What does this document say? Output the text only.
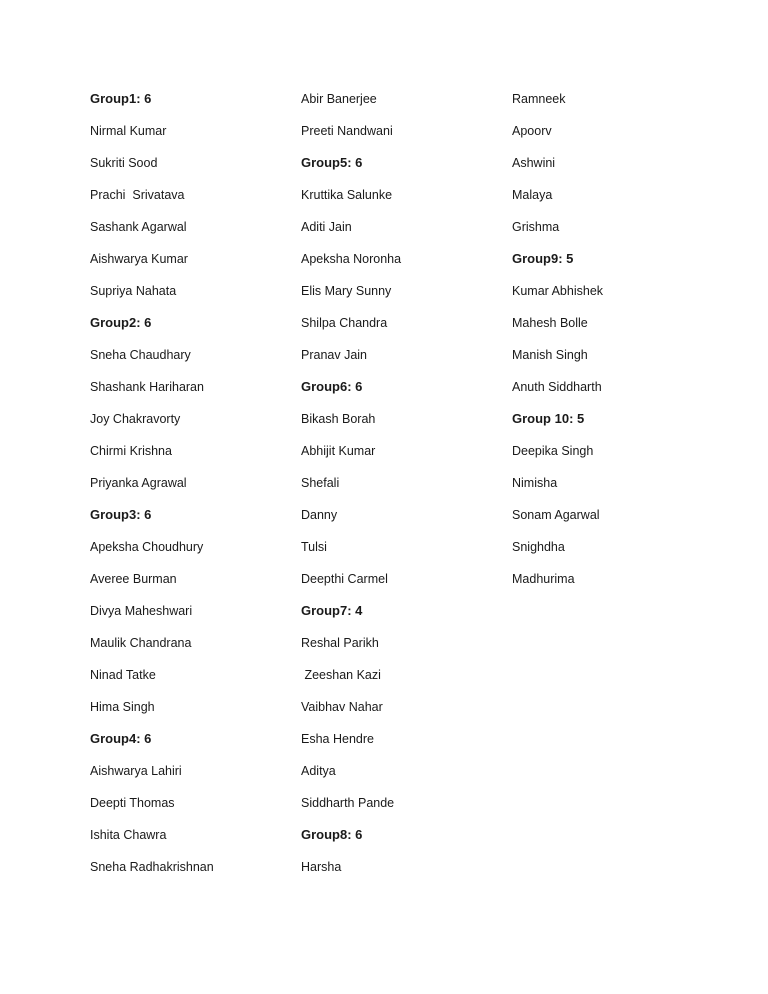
Group1: 6
Nirmal Kumar
Sukriti Sood
Prachi  Srivatava
Sashank Agarwal
Aishwarya Kumar
Supriya Nahata
Group2: 6
Sneha Chaudhary
Shashank Hariharan
Joy Chakravorty
Chirmi Krishna
Priyanka Agrawal
Group3: 6
Apeksha Choudhury
Averee Burman
Divya Maheshwari
Maulik Chandrana
Ninad Tatke
Hima Singh
Group4: 6
Aishwarya Lahiri
Deepti Thomas
Ishita Chawra
Sneha Radhakrishnan
Abir Banerjee
Preeti Nandwani
Group5: 6
Kruttika Salunke
Aditi Jain
Apeksha Noronha
Elis Mary Sunny
Shilpa Chandra
Pranav Jain
Group6: 6
Bikash Borah
Abhijit Kumar
Shefali
Danny
Tulsi
Deepthi Carmel
Group7: 4
Reshal Parikh
Zeeshan Kazi
Vaibhav Nahar
Esha Hendre
Aditya
Siddharth Pande
Group8: 6
Harsha
Ramneek
Apoorv
Ashwini
Malaya
Grishma
Group9: 5
Kumar Abhishek
Mahesh Bolle
Manish Singh
Anuth Siddharth
Group 10: 5
Deepika Singh
Nimisha
Sonam Agarwal
Snighdha
Madhurima
